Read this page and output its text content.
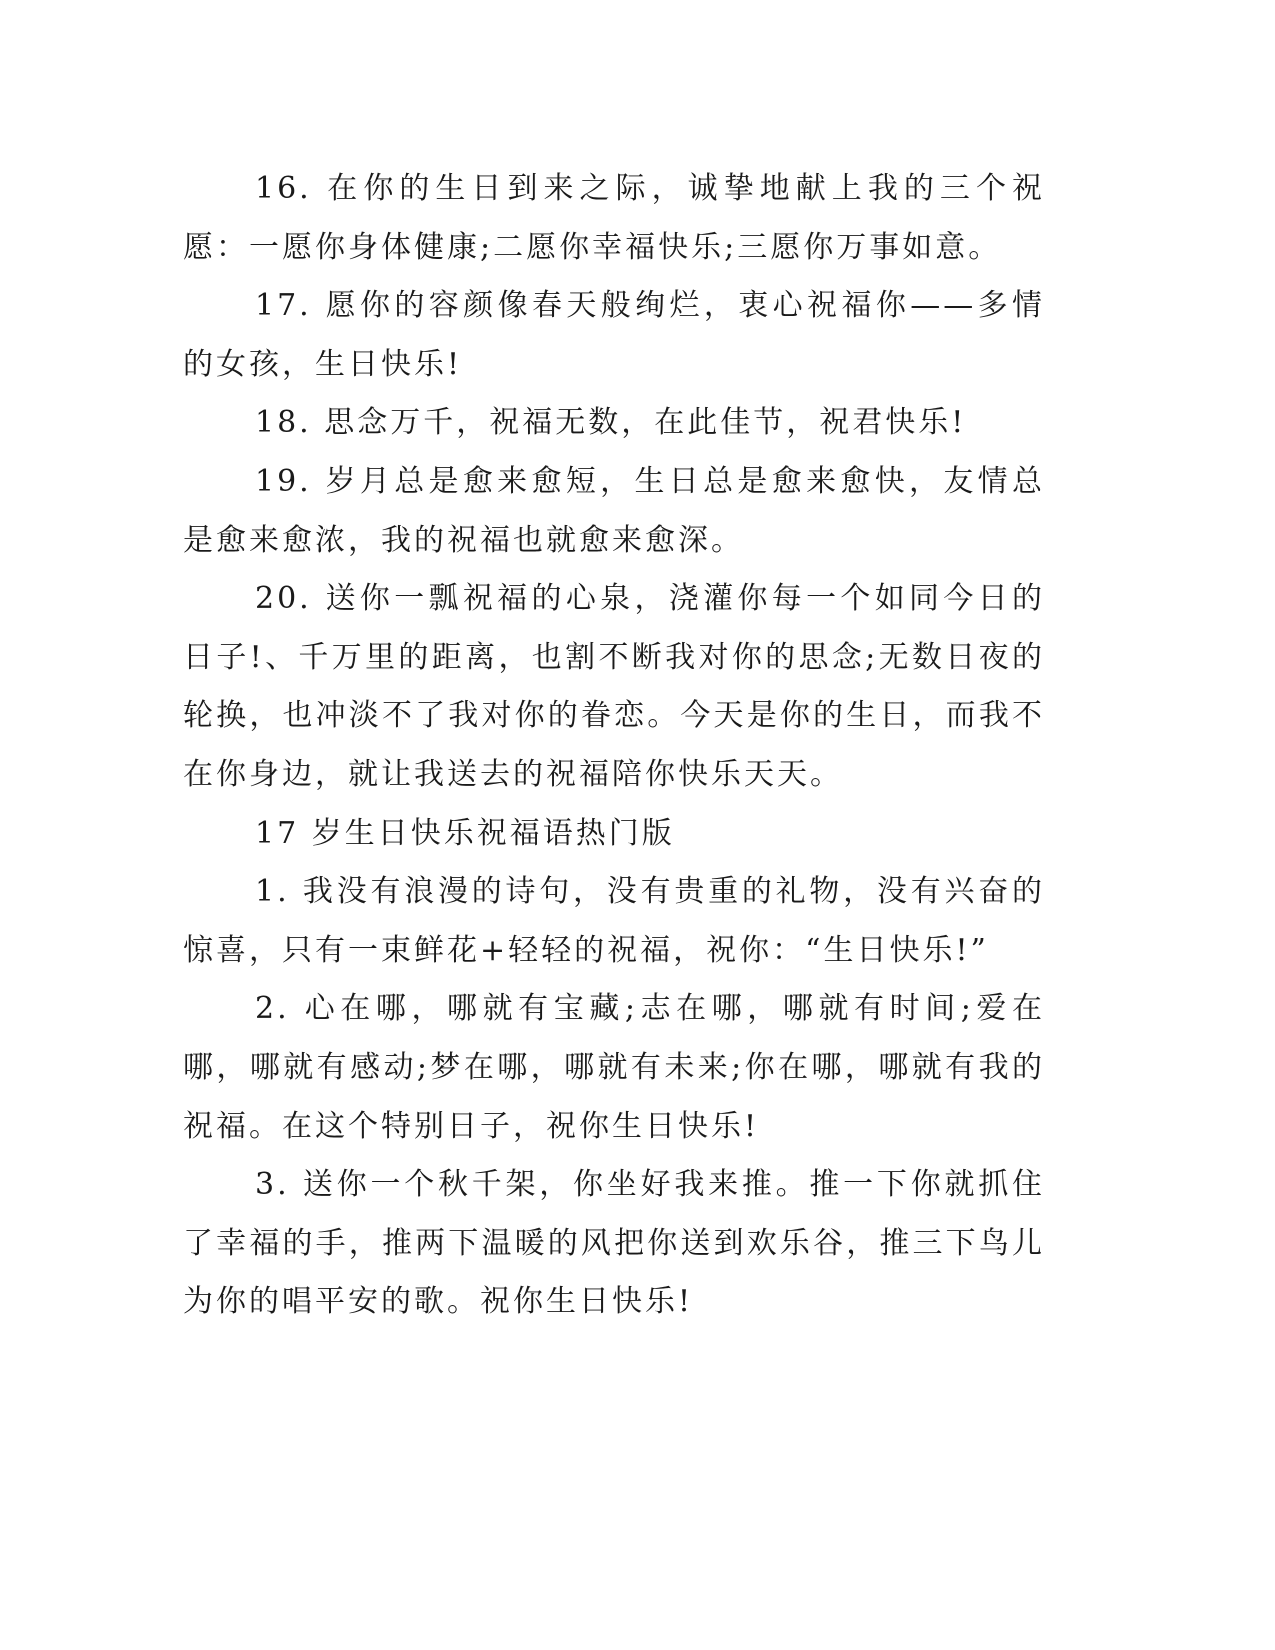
16. 在你的生日到来之际，诚挚地献上我的三个祝愿：一愿你身体健康;二愿你幸福快乐;三愿你万事如意。

17. 愿你的容颜像春天般绚烂，衷心祝福你——多情的女孩，生日快乐!

18. 思念万千，祝福无数，在此佳节，祝君快乐!

19. 岁月总是愈来愈短，生日总是愈来愈快，友情总是愈来愈浓，我的祝福也就愈来愈深。

20. 送你一瓢祝福的心泉，浇灌你每一个如同今日的日子!、千万里的距离，也割不断我对你的思念;无数日夜的轮换，也冲淡不了我对你的眷恋。今天是你的生日，而我不在你身边，就让我送去的祝福陪你快乐天天。

17 岁生日快乐祝福语热门版

1. 我没有浪漫的诗句，没有贵重的礼物，没有兴奋的惊喜，只有一束鲜花+轻轻的祝福，祝你：“生日快乐!”

2. 心在哪，哪就有宝藏;志在哪，哪就有时间;爱在哪，哪就有感动;梦在哪，哪就有未来;你在哪，哪就有我的祝福。在这个特别日子，祝你生日快乐!

3. 送你一个秋千架，你坐好我来推。推一下你就抓住了幸福的手，推两下温暖的风把你送到欢乐谷，推三下鸟儿为你的唱平安的歌。祝你生日快乐!
